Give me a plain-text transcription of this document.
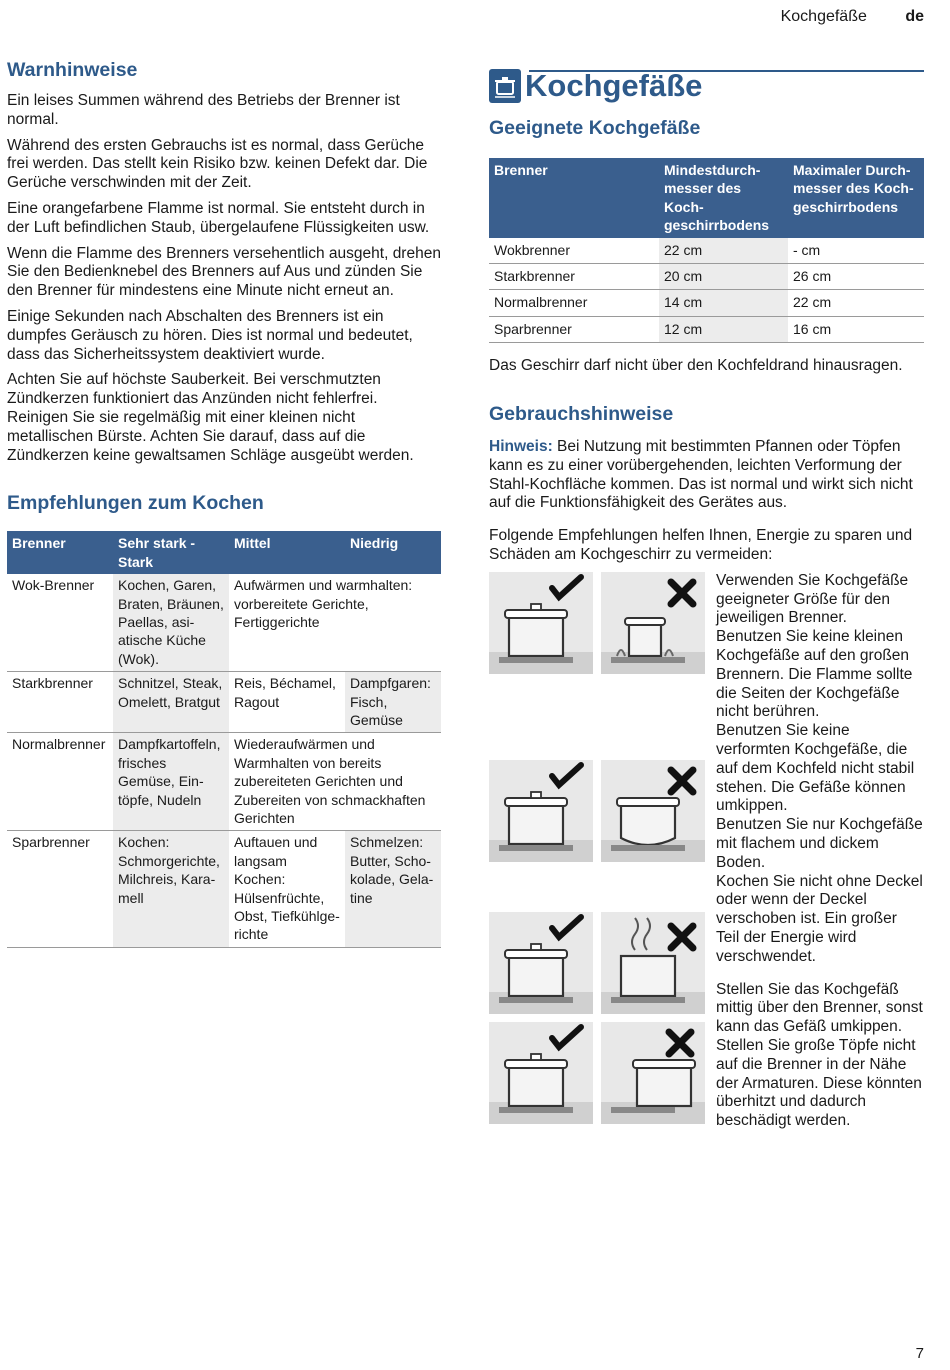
Kochgefäße de
Warnhinweise

Ein leises Summen während des Betriebs der Brenner ist normal.

Während des ersten Gebrauchs ist es normal, dass Gerüche frei werden. Das stellt kein Risiko bzw. keinen Defekt dar. Die Gerüche verschwinden mit der Zeit.

Eine orangefarbene Flamme ist normal. Sie entsteht durch in der Luft befindlichen Staub, übergelaufene Flüssigkeiten usw.

Wenn die Flamme des Brenners versehentlich ausgeht, drehen Sie den Bedienknebel des Brenners auf Aus und zünden Sie den Brenner für mindestens eine Minute nicht erneut an.

Einige Sekunden nach Abschalten des Brenners ist ein dumpfes Geräusch zu hören. Dies ist normal und bedeutet, dass das Sicherheitssystem deaktiviert wurde.

Achten Sie auf höchste Sauberkeit. Bei verschmutzten Zündkerzen funktioniert das Anzünden nicht fehlerfrei. Reinigen Sie sie regelmäßig mit einer kleinen nicht metallischen Bürste. Achten Sie darauf, dass auf die Zündkerzen keine gewaltsamen Schläge ausgeübt werden.

Empfehlungen zum Kochen
Brenner	Sehr stark - Stark	Mittel	Niedrig
Wok-Brenner	Kochen, Garen, Braten, Bräunen, Paellas, asiatische Küche (Wok).	Aufwärmen und warmhalten: vorbereitete Gerichte, Fertiggerichte	
Starkbrenner	Schnitzel, Steak, Omelett, Bratgut	Reis, Béchamel, Ragout	Dampfgaren: Fisch, Gemüse
Normalbrenner	Dampfkartoffeln, frisches Gemüse, Eintöpfe, Nudeln	Wiederaufwärmen und Warmhalten von bereits zubereiteten Gerichten und Zubereiten von schmackhaften Gerichten	
Sparbrenner	Kochen: Schmorgerichte, Milchreis, Karamell	Auftauen und langsam Kochen: Hülsenfrüchte, Obst, Tiefkühlgerichte	Schmelzen: Butter, Schokolade, Gelatine
Kochgefäße
Geeignete Kochgefäße
Brenner	Mindestdurchmesser des Kochgeschirrbodens	Maximaler Durchmesser des Kochgeschirrbodens
Wokbrenner	22 cm	- cm
Starkbrenner	20 cm	26 cm
Normalbrenner	14 cm	22 cm
Sparbrenner	12 cm	16 cm

Das Geschirr darf nicht über den Kochfeldrand hinausragen.

Gebrauchshinweise

Hinweis: Bei Nutzung mit bestimmten Pfannen oder Töpfen kann es zu einer vorübergehenden, leichten Verformung der Stahl-Kochfläche kommen. Das ist normal und wirkt sich nicht auf die Funktionsfähigkeit des Gerätes aus.

Folgende Empfehlungen helfen Ihnen, Energie zu sparen und Schäden am Kochgeschirr zu vermeiden:

Verwenden Sie Kochgefäße geeigneter Größe für den jeweiligen Brenner.

Benutzen Sie keine kleinen Kochgefäße auf den großen Brennern. Die Flamme sollte die Seiten der Kochgefäße nicht berühren.

Benutzen Sie keine verformten Kochgefäße, die auf dem Kochfeld nicht stabil stehen. Die Gefäße können umkippen.

Benutzen Sie nur Kochgefäße mit flachem und dickem Boden.

Kochen Sie nicht ohne Deckel oder wenn der Deckel verschoben ist. Ein großer Teil der Energie wird verschwendet.

Stellen Sie das Kochgefäß mittig über den Brenner, sonst kann das Gefäß umkippen.

Stellen Sie große Töpfe nicht auf die Brenner in der Nähe der Armaturen. Diese könnten überhitzt und dadurch beschädigt werden.

7
